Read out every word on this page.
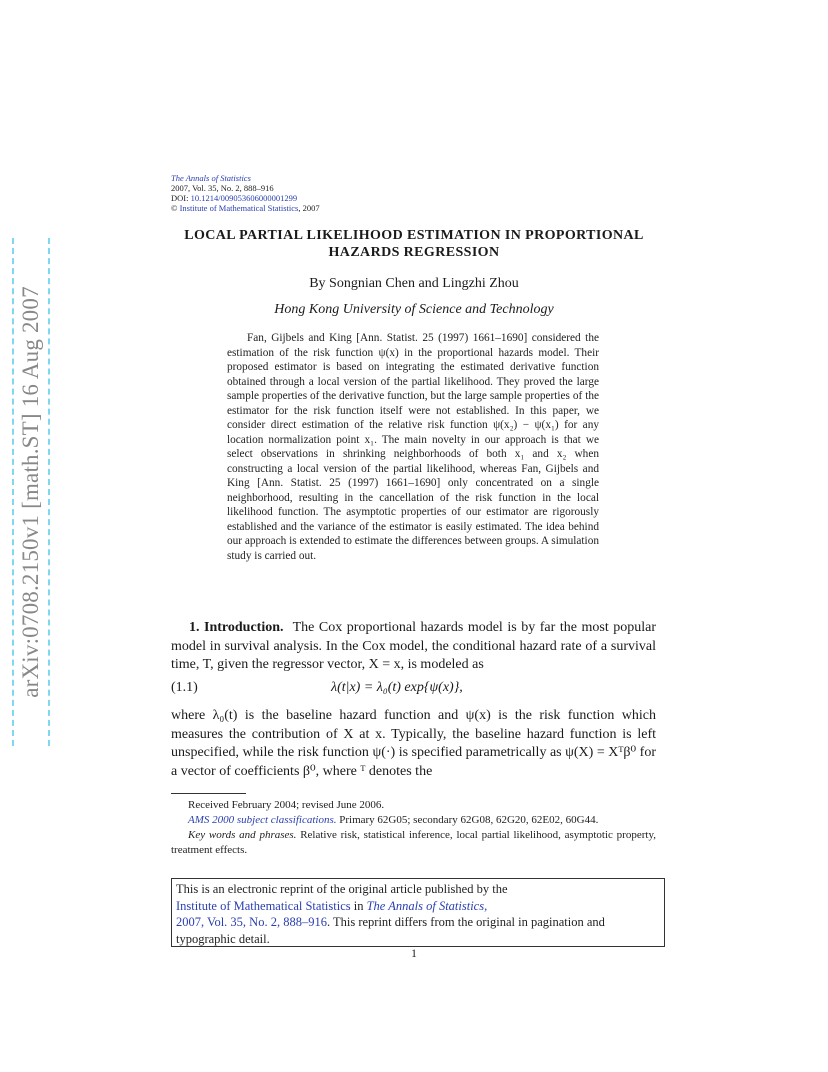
arXiv:0708.2150v1 [math.ST] 16 Aug 2007
The Annals of Statistics
2007, Vol. 35, No. 2, 888–916
DOI: 10.1214/009053606000001299
© Institute of Mathematical Statistics, 2007
LOCAL PARTIAL LIKELIHOOD ESTIMATION IN PROPORTIONAL
HAZARDS REGRESSION
By Songnian Chen and Lingzhi Zhou
Hong Kong University of Science and Technology

Fan, Gijbels and King [Ann. Statist. 25 (1997) 1661–1690] considered the estimation of the risk function ψ(x) in the proportional hazards model. Their proposed estimator is based on integrating the estimated derivative function obtained through a local version of the partial likelihood. They proved the large sample properties of the derivative function, but the large sample properties of the estimator for the risk function itself were not established. In this paper, we consider direct estimation of the relative risk function ψ(x₂) − ψ(x₁) for any location normalization point x₁. The main novelty in our approach is that we select observations in shrinking neighborhoods of both x₁ and x₂ when constructing a local version of the partial likelihood, whereas Fan, Gijbels and King [Ann. Statist. 25 (1997) 1661–1690] only concentrated on a single neighborhood, resulting in the cancellation of the risk function in the local likelihood function. The asymptotic properties of our estimator are rigorously established and the variance of the estimator is easily estimated. The idea behind our approach is extended to estimate the differences between groups. A simulation study is carried out.

1. Introduction. The Cox proportional hazards model is by far the most popular model in survival analysis. In the Cox model, the conditional hazard rate of a survival time, T, given the regressor vector, X = x, is modeled as

(1.1)	λ(t|x) = λ₀(t) exp{ψ(x)},
where λ₀(t) is the baseline hazard function and ψ(x) is the risk function which measures the contribution of X at x. Typically, the baseline hazard function is left unspecified, while the risk function ψ(·) is specified parametrically as ψ(X) = Xᵀβ⁰ for a vector of coefficients β⁰, where ᵀ denotes the

Received February 2004; revised June 2006.

AMS 2000 subject classifications. Primary 62G05; secondary 62G08, 62G20, 62E02, 60G44.

Key words and phrases. Relative risk, statistical inference, local partial likelihood, asymptotic property, treatment effects.

This is an electronic reprint of the original article published by the
Institute of Mathematical Statistics in The Annals of Statistics,
2007, Vol. 35, No. 2, 888–916. This reprint differs from the original in pagination and typographic detail.
1
